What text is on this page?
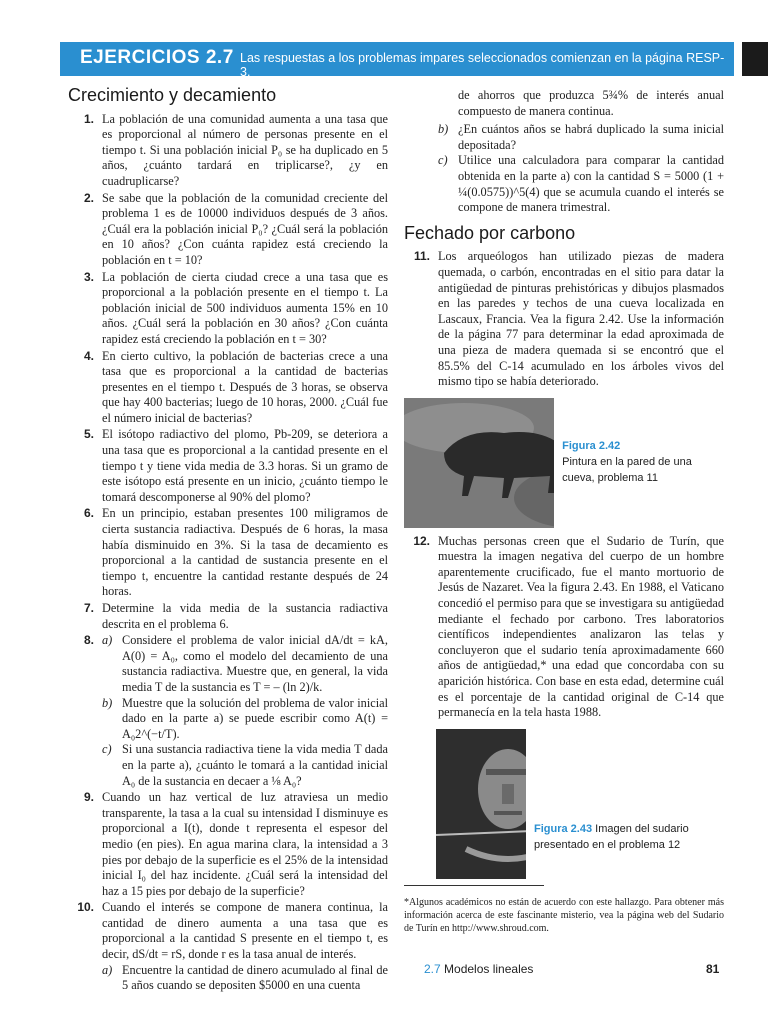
EJERCICIOS 2.7 Las respuestas a los problemas impares seleccionados comienzan en la página RESP-3.
Crecimiento y decamiento

1. La población de una comunidad aumenta a una tasa que es proporcional al número de personas presente en el tiempo t. Si una población inicial P₀ se ha duplicado en 5 años, ¿cuánto tardará en triplicarse?, ¿y en cuadruplicarse?

2. Se sabe que la población de la comunidad creciente del problema 1 es de 10000 individuos después de 3 años. ¿Cuál era la población inicial P₀? ¿Cuál será la población en 10 años? ¿Con cuánta rapidez está creciendo la población en t = 10?

3. La población de cierta ciudad crece a una tasa que es proporcional a la población presente en el tiempo t. La población inicial de 500 individuos aumenta 15% en 10 años. ¿Cuál será la población en 30 años? ¿Con cuánta rapidez está creciendo la población en t = 30?

4. En cierto cultivo, la población de bacterias crece a una tasa que es proporcional a la cantidad de bacterias presentes en el tiempo t. Después de 3 horas, se observa que hay 400 bacterias; luego de 10 horas, 2000. ¿Cuál fue el número inicial de bacterias?

5. El isótopo radiactivo del plomo, Pb-209, se deteriora a una tasa que es proporcional a la cantidad presente en el tiempo t y tiene vida media de 3.3 horas. Si un gramo de este isótopo está presente en un inicio, ¿cuánto tiempo le tomará descomponerse al 90% del plomo?

6. En un principio, estaban presentes 100 miligramos de cierta sustancia radiactiva. Después de 6 horas, la masa había disminuido en 3%. Si la tasa de decamiento es proporcional a la cantidad de sustancia presente en el tiempo t, encuentre la cantidad restante después de 24 horas.

7. Determine la vida media de la sustancia radiactiva descrita en el problema 6.

8. a) Considere el problema de valor inicial dA/dt = kA, A(0) = A₀, como el modelo del decamiento de una sustancia radiactiva. Muestre que, en general, la vida media T de la sustancia es T = – (ln 2)/k.

b) Muestre que la solución del problema de valor inicial dado en la parte a) se puede escribir como A(t) = A₀2^(−t/T).

c) Si una sustancia radiactiva tiene la vida media T dada en la parte a), ¿cuánto le tomará a la cantidad inicial A₀ de la sustancia en decaer a ⅛ A₀?

9. Cuando un haz vertical de luz atraviesa un medio transparente, la tasa a la cual su intensidad I disminuye es proporcional a I(t), donde t representa el espesor del medio (en pies). En agua marina clara, la intensidad a 3 pies por debajo de la superficie es el 25% de la intensidad inicial I₀ del haz incidente. ¿Cuál será la intensidad del haz a 15 pies por debajo de la superficie?

10. Cuando el interés se compone de manera continua, la cantidad de dinero aumenta a una tasa que es proporcional a la cantidad S presente en el tiempo t, es decir, dS/dt = rS, donde r es la tasa anual de interés.

a) Encuentre la cantidad de dinero acumulado al final de 5 años cuando se depositen $5000 en una cuenta

de ahorros que produzca 5¾% de interés anual compuesto de manera continua.

b) ¿En cuántos años se habrá duplicado la suma inicial depositada?

c) Utilice una calculadora para comparar la cantidad obtenida en la parte a) con la cantidad S = 5000 (1 + ¼(0.0575))^5(4) que se acumula cuando el interés se compone de manera trimestral.

Fechado por carbono

11. Los arqueólogos han utilizado piezas de madera quemada, o carbón, encontradas en el sitio para datar la antigüedad de pinturas prehistóricas y dibujos plasmados en las paredes y techos de una cueva localizada en Lascaux, Francia. Vea la figura 2.42. Use la información de la página 77 para determinar la edad aproximada de una pieza de madera quemada si se encontró que el 85.5% del C-14 acumulado en los árboles vivos del mismo tipo se había deteriorado.

Figura 2.42
Pintura en la pared de una cueva, problema 11

12. Muchas personas creen que el Sudario de Turín, que muestra la imagen negativa del cuerpo de un hombre aparentemente crucificado, fue el manto mortuorio de Jesús de Nazaret. Vea la figura 2.43. En 1988, el Vaticano concedió el permiso para que se investigara su antigüedad mediante el fechado por carbono. Tres laboratorios científicos independientes analizaron las telas y concluyeron que el sudario tenía aproximadamente 660 años de antigüedad,* una edad que concordaba con su aparición histórica. Con base en esta edad, determine cuál es el porcentaje de la cantidad original de C-14 que permanecía en la tela hasta 1988.

Figura 2.43 Imagen del sudario presentado en el problema 12

*Algunos académicos no están de acuerdo con este hallazgo. Para obtener más información acerca de este fascinante misterio, vea la página web del Sudario de Turín en http://www.shroud.com.

2.7 Modelos lineales	81
